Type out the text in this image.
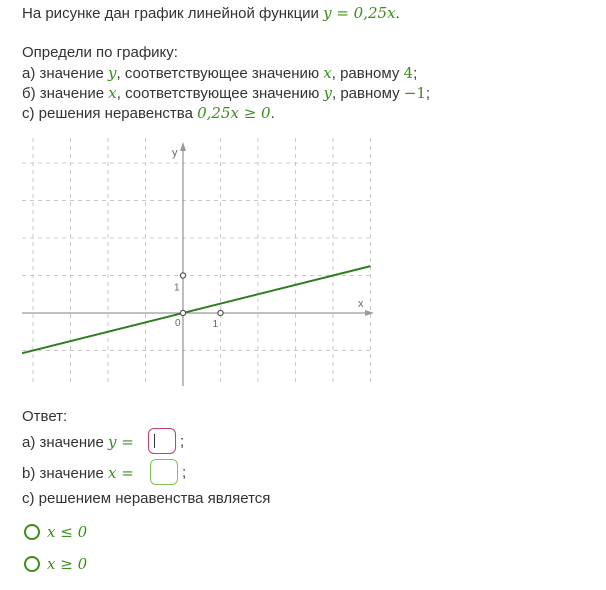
На рисунке дан график линейной функции y = 0,25x.
Определи по графику:
а) значение y, соответствующее значению x, равному 4;
б) значение x, соответствующее значению y, равному −1;
с) решения неравенства 0,25x ≥ 0.
x
y
0	1
1
Ответ:
a) значение y =	;
b) значение x =	;
c) решением неравенства является
x ≤ 0
x ≥ 0
